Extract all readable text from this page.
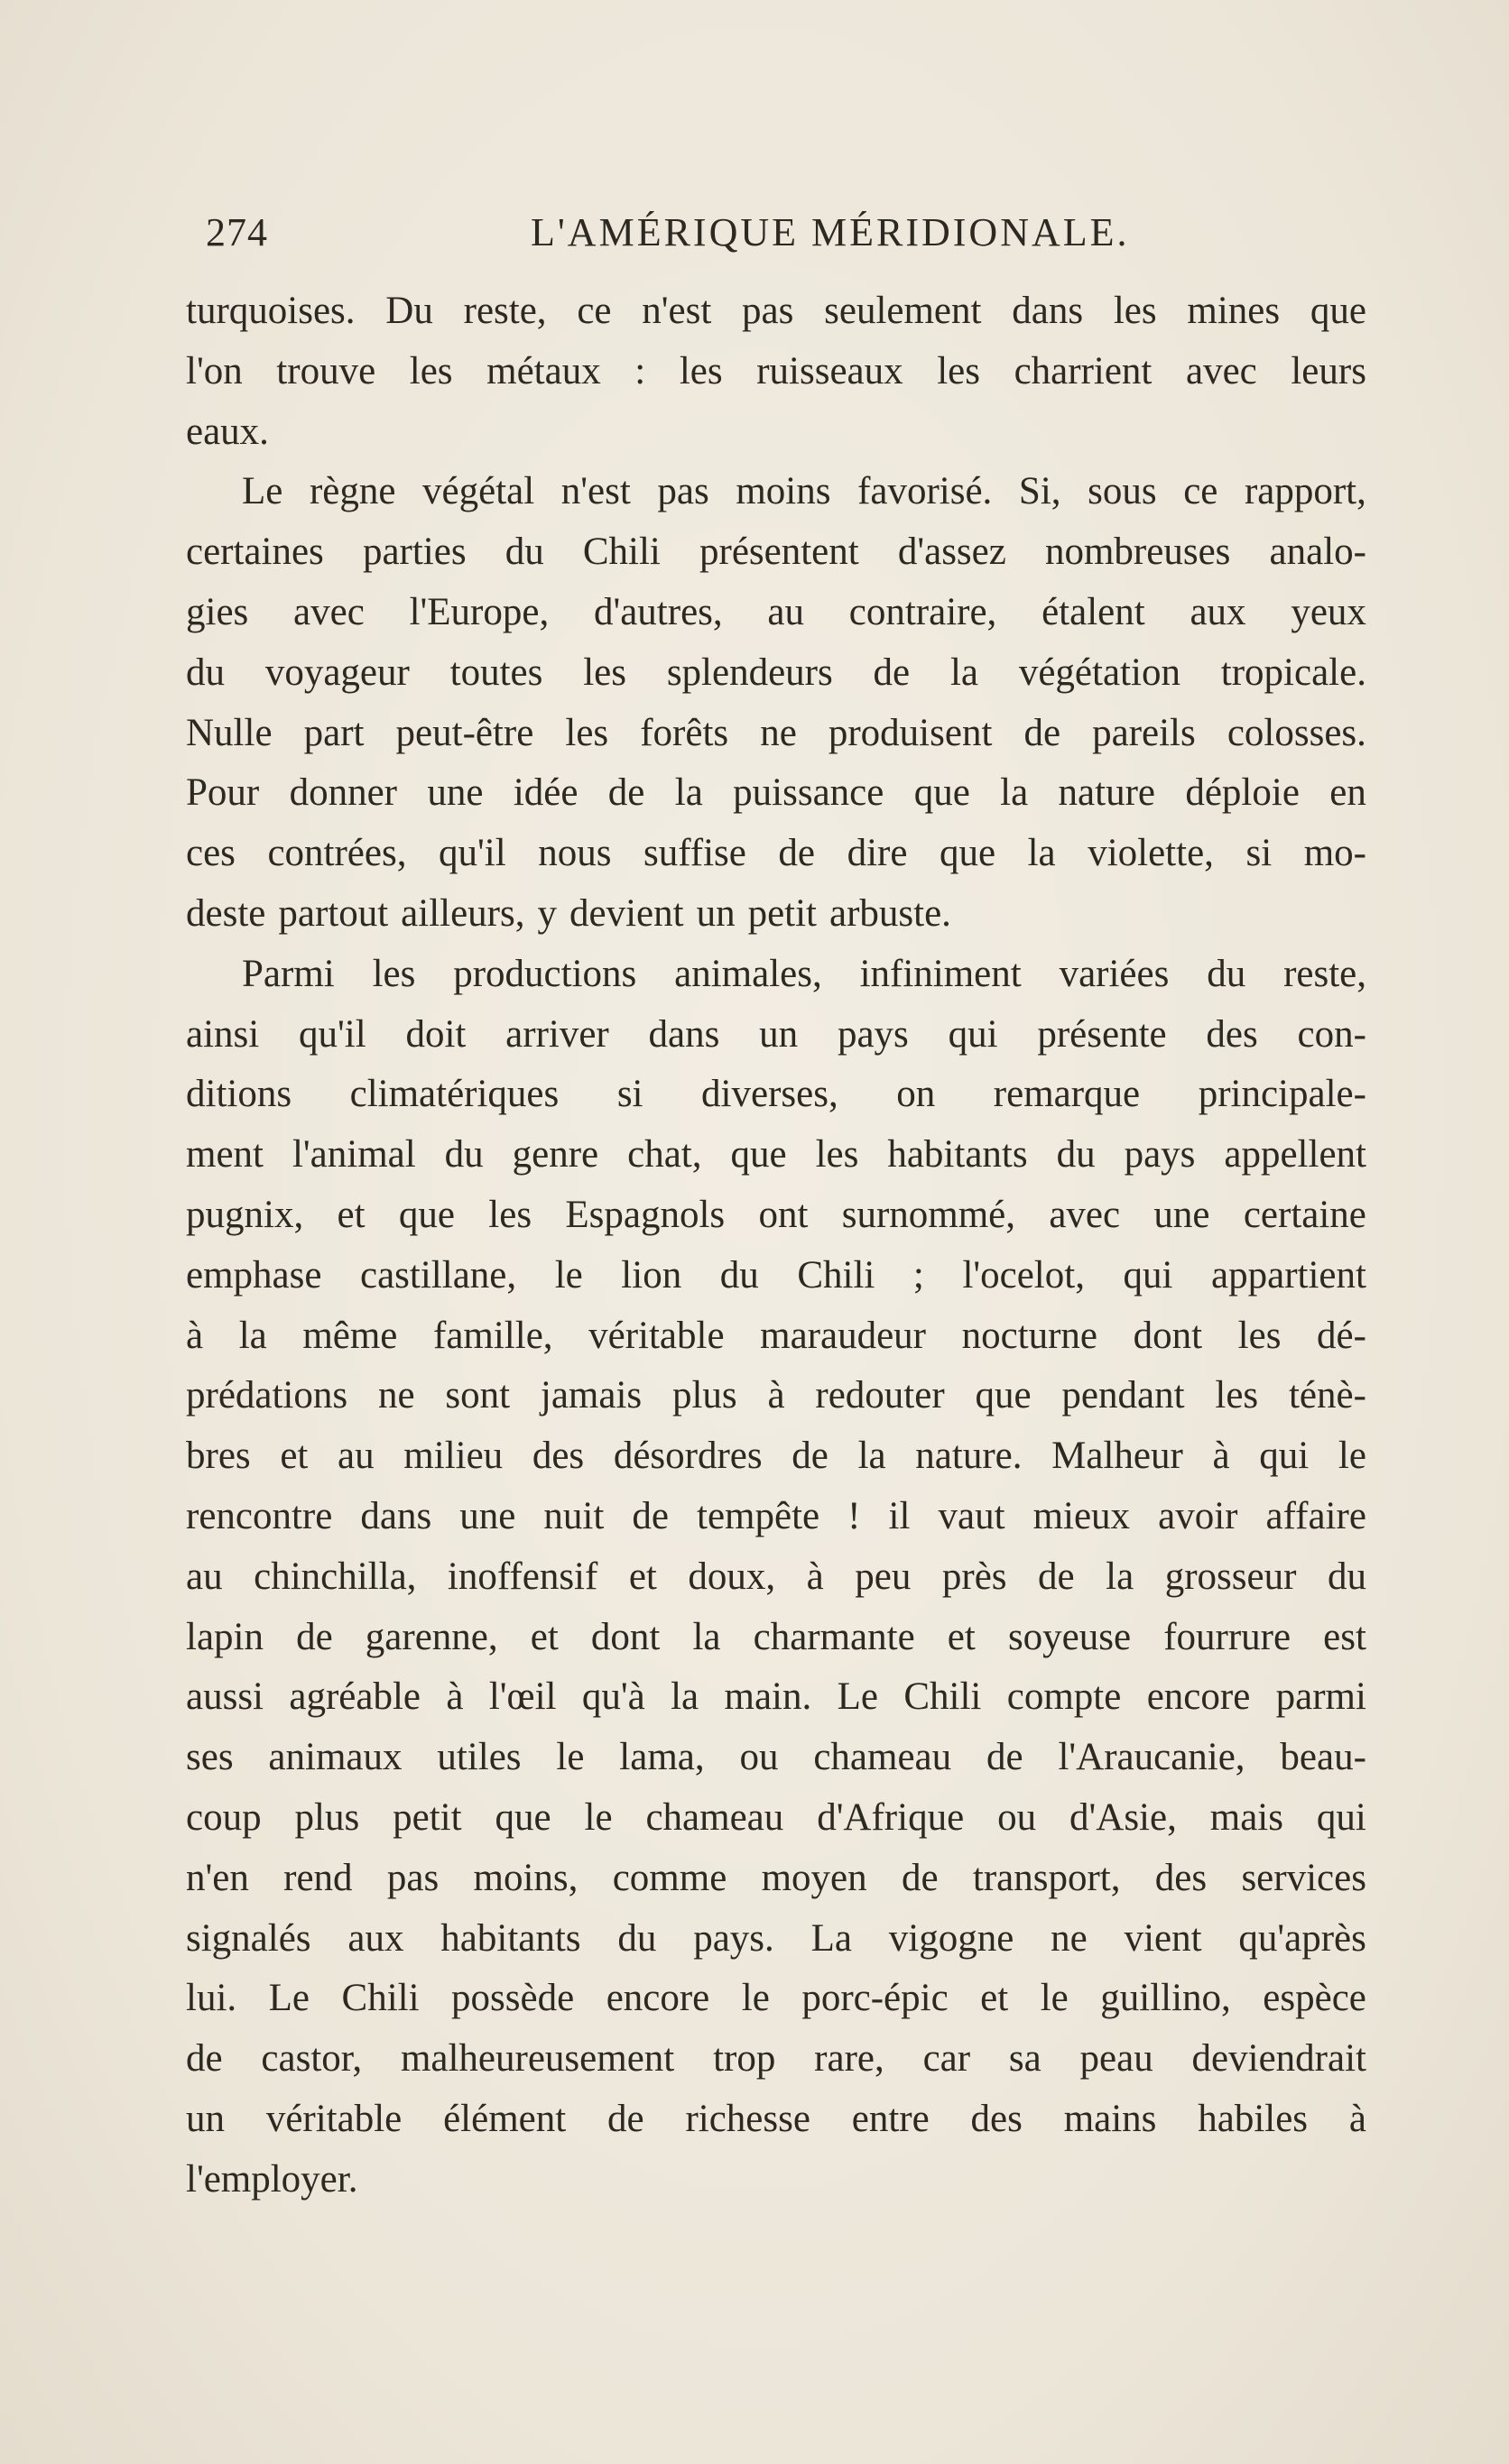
274	L'AMÉRIQUE MÉRIDIONALE.
turquoises. Du reste, ce n'est pas seulement dans les mines que
l'on trouve les métaux : les ruisseaux les charrient avec leurs
eaux.
Le règne végétal n'est pas moins favorisé. Si, sous ce rapport,
certaines parties du Chili présentent d'assez nombreuses analo-
gies avec l'Europe, d'autres, au contraire, étalent aux yeux
du voyageur toutes les splendeurs de la végétation tropicale.
Nulle part peut-être les forêts ne produisent de pareils colosses.
Pour donner une idée de la puissance que la nature déploie en
ces contrées, qu'il nous suffise de dire que la violette, si mo-
deste partout ailleurs, y devient un petit arbuste.
Parmi les productions animales, infiniment variées du reste,
ainsi qu'il doit arriver dans un pays qui présente des con-
ditions climatériques si diverses, on remarque principale-
ment l'animal du genre chat, que les habitants du pays appellent
pugnix, et que les Espagnols ont surnommé, avec une certaine
emphase castillane, le lion du Chili ; l'ocelot, qui appartient
à la même famille, véritable maraudeur nocturne dont les dé-
prédations ne sont jamais plus à redouter que pendant les ténè-
bres et au milieu des désordres de la nature. Malheur à qui le
rencontre dans une nuit de tempête ! il vaut mieux avoir affaire
au chinchilla, inoffensif et doux, à peu près de la grosseur du
lapin de garenne, et dont la charmante et soyeuse fourrure est
aussi agréable à l'œil qu'à la main. Le Chili compte encore parmi
ses animaux utiles le lama, ou chameau de l'Araucanie, beau-
coup plus petit que le chameau d'Afrique ou d'Asie, mais qui
n'en rend pas moins, comme moyen de transport, des services
signalés aux habitants du pays. La vigogne ne vient qu'après
lui. Le Chili possède encore le porc-épic et le guillino, espèce
de castor, malheureusement trop rare, car sa peau deviendrait
un véritable élément de richesse entre des mains habiles à
l'employer.
